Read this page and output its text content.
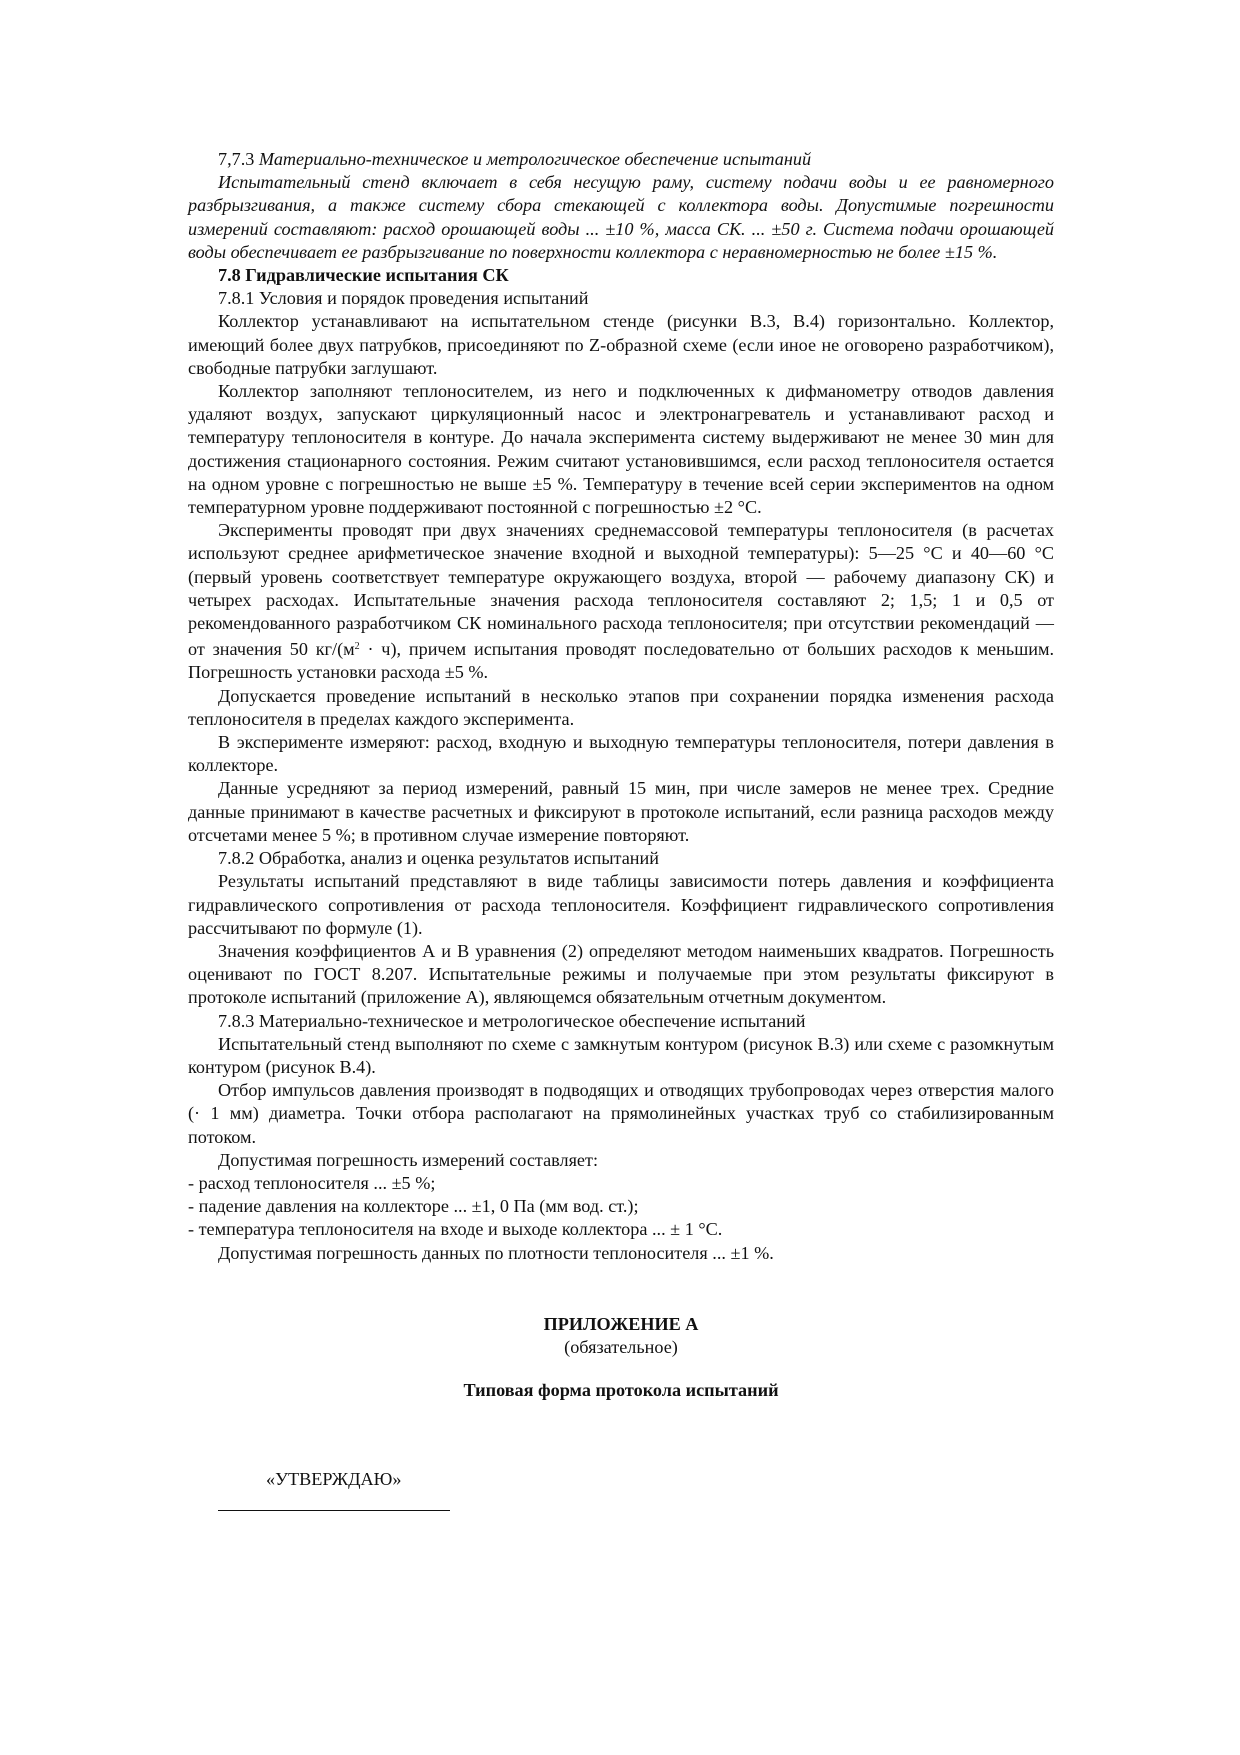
7,7.3 Материально-техническое и метрологическое обеспечение испытаний

Испытательный стенд включает в себя несущую раму, систему подачи воды и ее равномерного разбрызгивания, а также систему сбора стекающей с коллектора воды. Допустимые погрешности измерений составляют: расход орошающей воды ... ±10 %, масса СК. ... ±50 г. Система подачи орошающей воды обеспечивает ее разбрызгивание по поверхности коллектора с неравномерностью не более ±15 %.

7.8 Гидравлические испытания СК

7.8.1 Условия и порядок проведения испытаний

Коллектор устанавливают на испытательном стенде (рисунки В.3, В.4) горизонтально. Коллектор, имеющий более двух патрубков, присоединяют по Z-образной схеме (если иное не оговорено разработчиком), свободные патрубки заглушают.

Коллектор заполняют теплоносителем, из него и подключенных к дифманометру отводов давления удаляют воздух, запускают циркуляционный насос и электронагреватель и устанавливают расход и температуру теплоносителя в контуре. До начала эксперимента систему выдерживают не менее 30 мин для достижения стационарного состояния. Режим считают установившимся, если расход теплоносителя остается на одном уровне с погрешностью не выше ±5 %. Температуру в течение всей серии экспериментов на одном температурном уровне поддерживают постоянной с погрешностью ±2 °С.

Эксперименты проводят при двух значениях среднемассовой температуры теплоносителя (в расчетах используют среднее арифметическое значение входной и выходной температуры): 5—25 °С и 40—60 °С (первый уровень соответствует температуре окружающего воздуха, второй — рабочему диапазону СК) и четырех расходах. Испытательные значения расхода теплоносителя составляют 2; 1,5; 1 и 0,5 от рекомендованного разработчиком СК номинального расхода теплоносителя; при отсутствии рекомендаций — от значения 50 $кг/(м^2 \cdot ч)$, причем испытания проводят последовательно от больших расходов к меньшим. Погрешность установки расхода ±5 %.

Допускается проведение испытаний в несколько этапов при сохранении порядка изменения расхода теплоносителя в пределах каждого эксперимента.

В эксперименте измеряют: расход, входную и выходную температуры теплоносителя, потери давления в коллекторе.

Данные усредняют за период измерений, равный 15 мин, при числе замеров не менее трех. Средние данные принимают в качестве расчетных и фиксируют в протоколе испытаний, если разница расходов между отсчетами менее 5 %; в противном случае измерение повторяют.

7.8.2 Обработка, анализ и оценка результатов испытаний

Результаты испытаний представляют в виде таблицы зависимости потерь давления и коэффициента гидравлического сопротивления от расхода теплоносителя. Коэффициент гидравлического сопротивления рассчитывают по формуле (1).

Значения коэффициентов А и В уравнения (2) определяют методом наименьших квадратов. Погрешность оценивают по ГОСТ 8.207. Испытательные режимы и получаемые при этом результаты фиксируют в протоколе испытаний (приложение А), являющемся обязательным отчетным документом.

7.8.3 Материально-техническое и метрологическое обеспечение испытаний

Испытательный стенд выполняют по схеме с замкнутым контуром (рисунок В.3) или схеме с разомкнутым контуром (рисунок В.4).

Отбор импульсов давления производят в подводящих и отводящих трубопроводах через отверстия малого (· 1 мм) диаметра. Точки отбора располагают на прямолинейных участках труб со стабилизированным потоком.

Допустимая погрешность измерений составляет:

- расход теплоносителя ... ±5 %;

- падение давления на коллекторе ... ±1, 0 Па (мм вод. ст.);

- температура теплоносителя на входе и выходе коллектора ... ± 1 °С.

Допустимая погрешность данных по плотности теплоносителя ... ±1 %.

ПРИЛОЖЕНИЕ А

(обязательное)

Типовая форма протокола испытаний

«УТВЕРЖДАЮ»
